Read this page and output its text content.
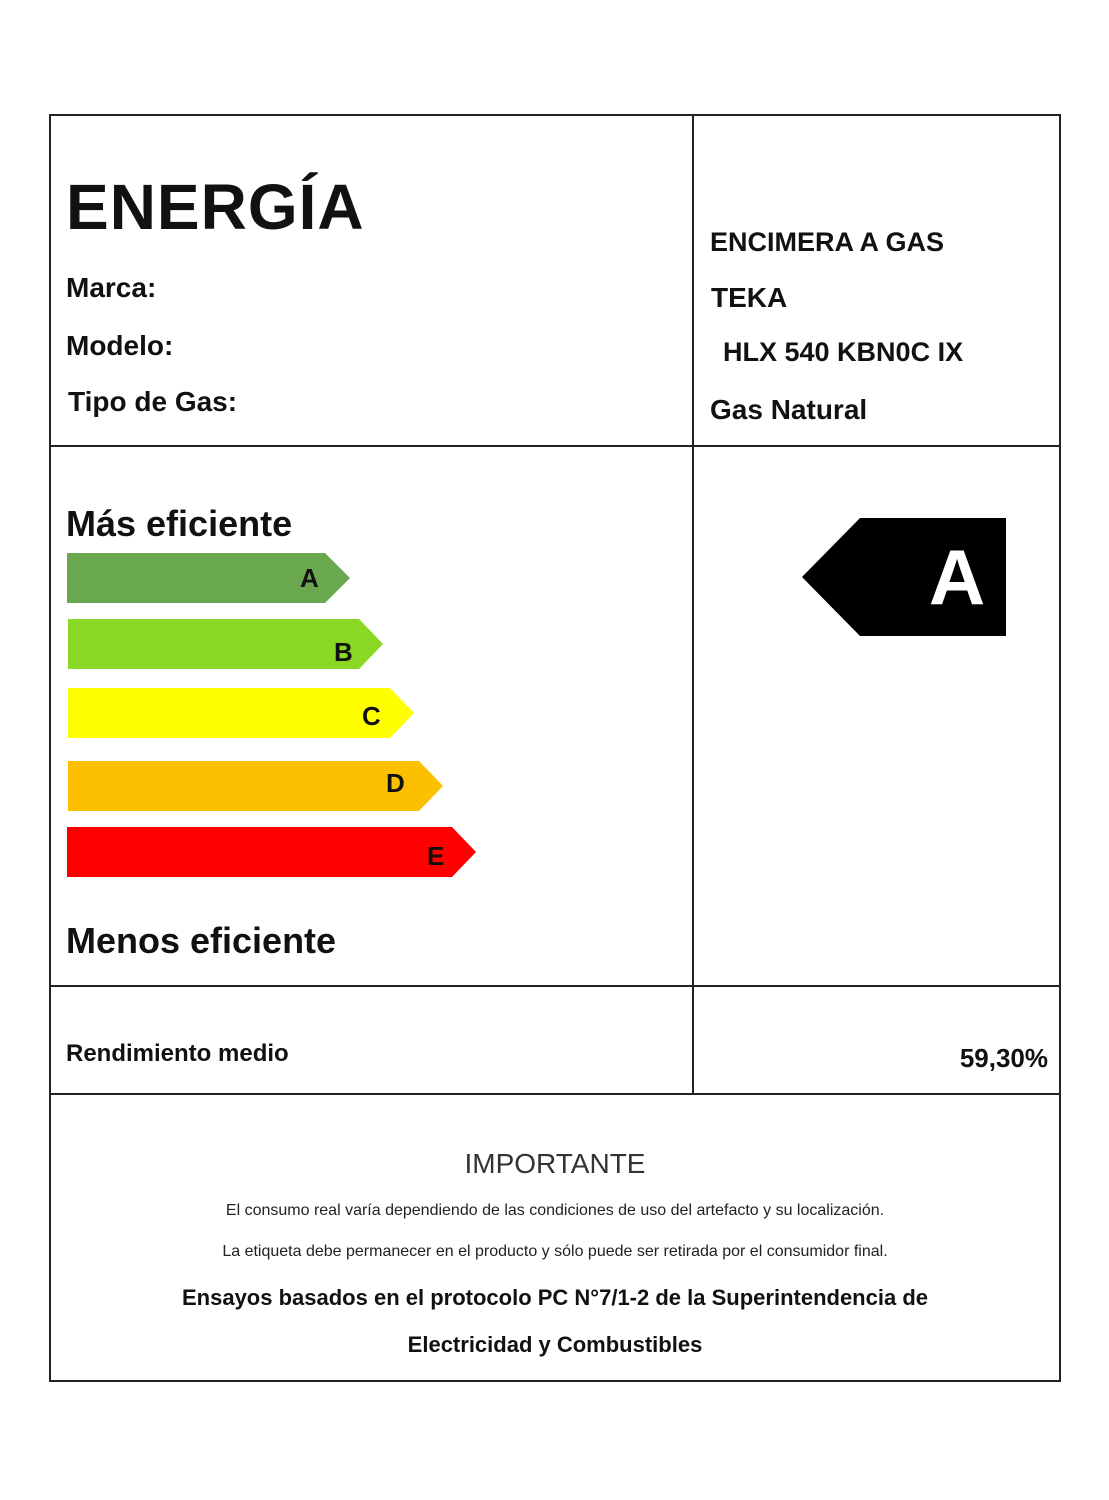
ENERGÍA
Marca:
Modelo:
Tipo de Gas:
ENCIMERA A GAS
TEKA
HLX 540 KBN0C IX
Gas Natural
Más eficiente
A
B
C
D
E
Menos eficiente
A
Rendimiento medio	59,30%
IMPORTANTE
El consumo real varía dependiendo de las condiciones de uso del artefacto y su localización.
La etiqueta debe permanecer en el producto y sólo puede ser retirada por el consumidor final.
Ensayos basados en el protocolo PC N°7/1-2 de la Superintendencia de
Electricidad y Combustibles
